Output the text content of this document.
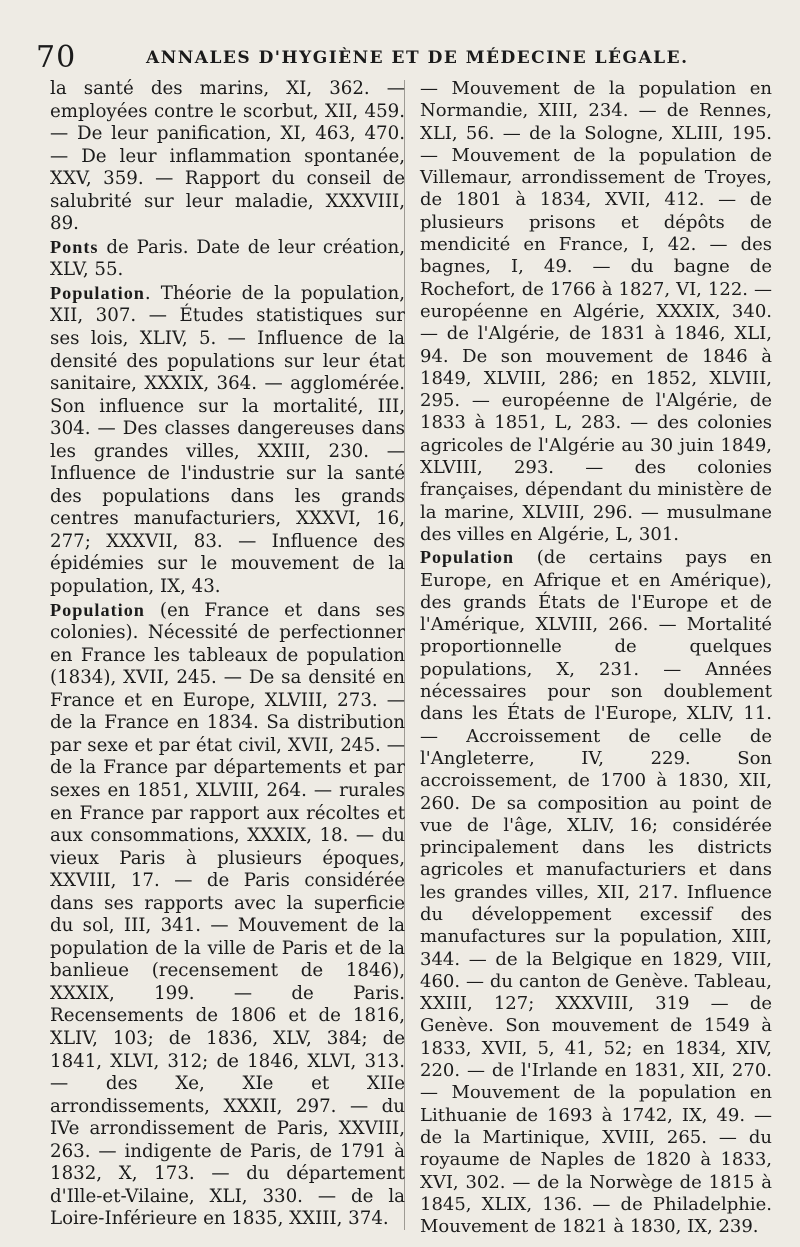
70	ANNALES D'HYGIÈNE ET DE MÉDECINE LÉGALE.

la santé des marins, XI, 362. — employées contre le scorbut, XII, 459. — De leur panification, XI, 463, 470. — De leur inflammation spontanée, XXV, 359. — Rapport du conseil de salubrité sur leur maladie, XXXVIII, 89.

Ponts de Paris. Date de leur création, XLV, 55.

Population. Théorie de la population, XII, 307. — Études statistiques sur ses lois, XLIV, 5. — Influence de la densité des populations sur leur état sanitaire, XXXIX, 364. — agglomérée. Son influence sur la mortalité, III, 304. — Des classes dangereuses dans les grandes villes, XXIII, 230. — Influence de l'industrie sur la santé des populations dans les grands centres manufacturiers, XXXVI, 16, 277; XXXVII, 83. — Influence des épidémies sur le mouvement de la population, IX, 43.

Population (en France et dans ses colonies). Nécessité de perfectionner en France les tableaux de population (1834), XVII, 245. — De sa densité en France et en Europe, XLVIII, 273. — de la France en 1834. Sa distribution par sexe et par état civil, XVII, 245. — de la France par départements et par sexes en 1851, XLVIII, 264. — rurales en France par rapport aux récoltes et aux consommations, XXXIX, 18. — du vieux Paris à plusieurs époques, XXVIII, 17. — de Paris considérée dans ses rapports avec la superficie du sol, III, 341. — Mouvement de la population de la ville de Paris et de la banlieue (recensement de 1846), XXXIX, 199. — de Paris. Recensements de 1806 et de 1816, XLIV, 103; de 1836, XLV, 384; de 1841, XLVI, 312; de 1846, XLVI, 313. — des Xe, XIe et XIIe arrondissements, XXXII, 297. — du IVe arrondissement de Paris, XXVIII, 263. — indigente de Paris, de 1791 à 1832, X, 173. — du département d'Ille-et-Vilaine, XLI, 330. — de la Loire-Inférieure en 1835, XXIII, 374.

— Mouvement de la population en Normandie, XIII, 234. — de Rennes, XLI, 56. — de la Sologne, XLIII, 195. — Mouvement de la population de Villemaur, arrondissement de Troyes, de 1801 à 1834, XVII, 412. — de plusieurs prisons et dépôts de mendicité en France, I, 42. — des bagnes, I, 49. — du bagne de Rochefort, de 1766 à 1827, VI, 122. — européenne en Algérie, XXXIX, 340. — de l'Algérie, de 1831 à 1846, XLI, 94. De son mouvement de 1846 à 1849, XLVIII, 286; en 1852, XLVIII, 295. — européenne de l'Algérie, de 1833 à 1851, L, 283. — des colonies agricoles de l'Algérie au 30 juin 1849, XLVIII, 293. — des colonies françaises, dépendant du ministère de la marine, XLVIII, 296. — musulmane des villes en Algérie, L, 301.

Population (de certains pays en Europe, en Afrique et en Amérique), des grands États de l'Europe et de l'Amérique, XLVIII, 266. — Mortalité proportionnelle de quelques populations, X, 231. — Années nécessaires pour son doublement dans les États de l'Europe, XLIV, 11. — Accroissement de celle de l'Angleterre, IV, 229. Son accroissement, de 1700 à 1830, XII, 260. De sa composition au point de vue de l'âge, XLIV, 16; considérée principalement dans les districts agricoles et manufacturiers et dans les grandes villes, XII, 217. Influence du développement excessif des manufactures sur la population, XIII, 344. — de la Belgique en 1829, VIII, 460. — du canton de Genève. Tableau, XXIII, 127; XXXVIII, 319 — de Genève. Son mouvement de 1549 à 1833, XVII, 5, 41, 52; en 1834, XIV, 220. — de l'Irlande en 1831, XII, 270. — Mouvement de la population en Lithuanie de 1693 à 1742, IX, 49. — de la Martinique, XVIII, 265. — du royaume de Naples de 1820 à 1833, XVI, 302. — de la Norwège de 1815 à 1845, XLIX, 136. — de Philadelphie. Mouvement de 1821 à 1830, IX, 239.
